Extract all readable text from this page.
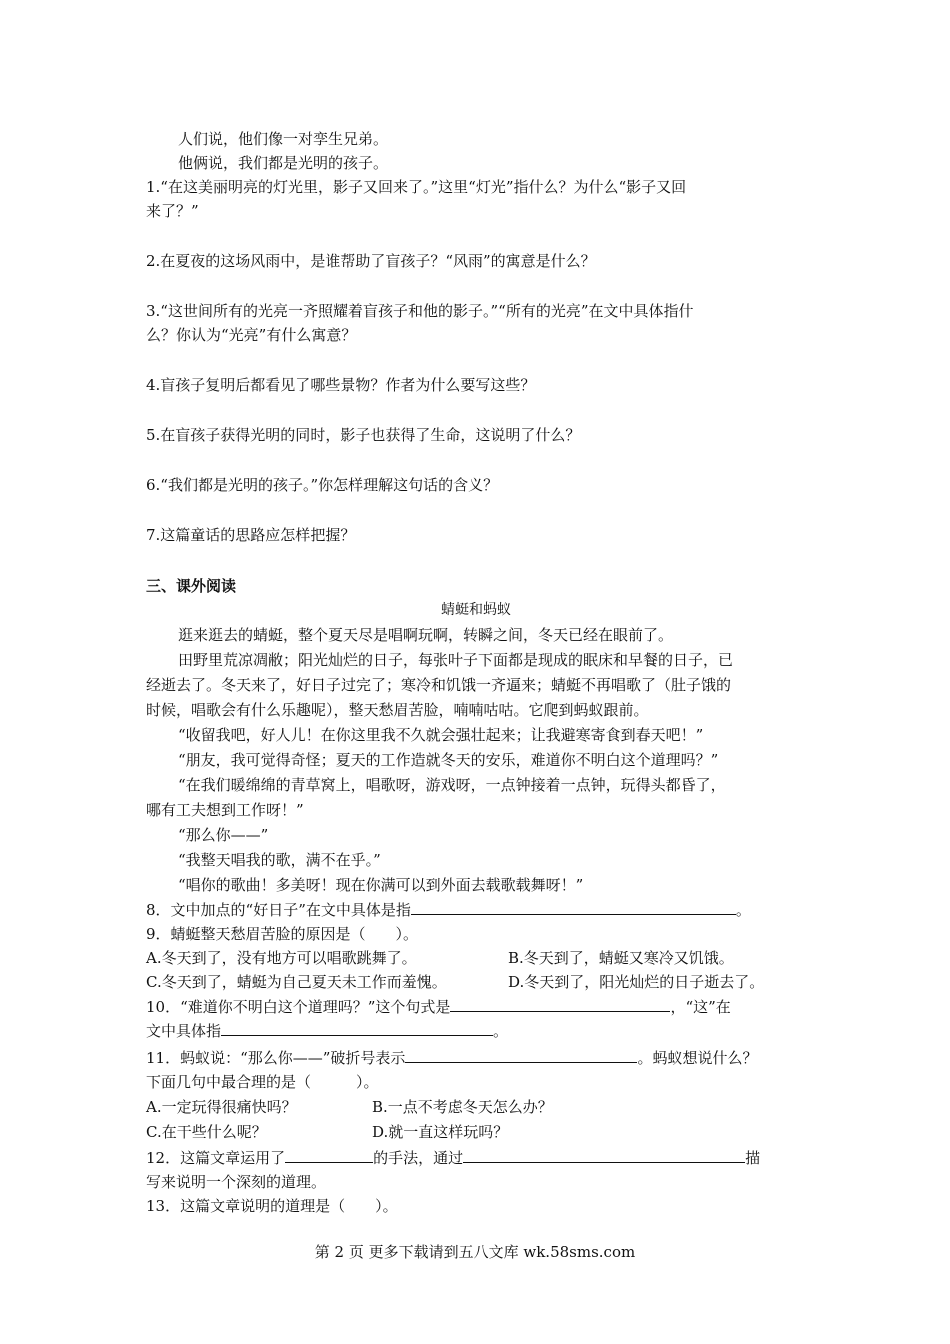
人们说，他们像一对孪生兄弟。
他俩说，我们都是光明的孩子。
1.“在这美丽明亮的灯光里，影子又回来了。”这里“灯光”指什么？为什么“影子又回
来了？”
2.在夏夜的这场风雨中，是谁帮助了盲孩子？“风雨”的寓意是什么？
3.“这世间所有的光亮一齐照耀着盲孩子和他的影子。”“所有的光亮”在文中具体指什
么？你认为“光亮”有什么寓意？
4.盲孩子复明后都看见了哪些景物？作者为什么要写这些？
5.在盲孩子获得光明的同时，影子也获得了生命，这说明了什么？
6.“我们都是光明的孩子。”你怎样理解这句话的含义？
7.这篇童话的思路应怎样把握？
三、课外阅读
蜻蜓和蚂蚁
逛来逛去的蜻蜓，整个夏天尽是唱啊玩啊，转瞬之间，冬天已经在眼前了。
田野里荒凉凋敝；阳光灿烂的日子，每张叶子下面都是现成的眠床和早餐的日子，已
经逝去了。冬天来了，好日子过完了；寒冷和饥饿一齐逼来；蜻蜓不再唱歌了（肚子饿的
时候，唱歌会有什么乐趣呢），整天愁眉苦脸，喃喃咕咕。它爬到蚂蚁跟前。
“收留我吧，好人儿！在你这里我不久就会强壮起来；让我避寒寄食到春天吧！”
“朋友，我可觉得奇怪；夏天的工作造就冬天的安乐，难道你不明白这个道理吗？”
“在我们暖绵绵的青草窝上，唱歌呀，游戏呀，一点钟接着一点钟，玩得头都昏了，
哪有工夫想到工作呀！”
“那么你——”
“我整天唱我的歌，满不在乎。”
“唱你的歌曲！多美呀！现在你满可以到外面去载歌载舞呀！”
8．文中加点的“好日子”在文中具体是指	。
9．蜻蜓整天愁眉苦脸的原因是（　　）。
A.冬天到了，没有地方可以唱歌跳舞了。	B.冬天到了，蜻蜓又寒冷又饥饿。
C.冬天到了，蜻蜓为自己夏天未工作而羞愧。	D.冬天到了，阳光灿烂的日子逝去了。
10．“难道你不明白这个道理吗？”这个句式是	，“这”在
文中具体指	。
11．蚂蚁说：“那么你——”破折号表示	。蚂蚁想说什么？
下面几句中最合理的是（　　　）。
A.一定玩得很痛快吗？	B.一点不考虑冬天怎么办？
C.在干些什么呢？	D.就一直这样玩吗？
12．这篇文章运用了	的手法，通过	描
写来说明一个深刻的道理。
13．这篇文章说明的道理是（　　）。
第 2 页 更多下载请到五八文库 wk.58sms.com
